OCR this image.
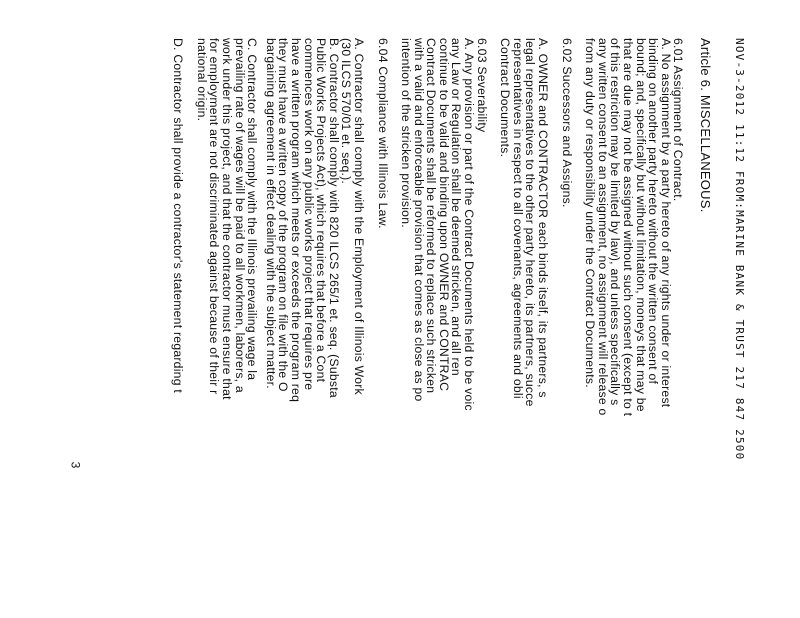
NOV-3-2012 11:12 FROM:MARINE BANK & TRUST 217 847 2500
Article 6. MISCELLANEOUS.
6.01 Assignment of Contract.
A. No assignment by a party hereto of any rights under or interest
binding on another party hereto without the written consent of
bound; and, specifically but without limitation, moneys that may be
that are due may not be assigned without such consent (except to t
of this restriction may be limited by law), and unless specifically s
any written consent to an assignment, no assignment will release o
from any duty or responsibility under the Contract Documents.
6.02 Successors and Assigns.
A. OWNER and CONTRACTOR each binds itself, its partners, s
legal representatives to the other party hereto, its partners, succe
representatives in respect to all covenants, agreements and obli
Contract Documents.
6.03 Severability
A. Any provision or part of the Contract Documents held to be voic
any Law or Regulation shall be deemed stricken, and all ren
continue to be valid and binding upon OWNER and CONTRAC
Contract Documents shall be reformed to replace such stricken
with a valid and enforceable provision that comes as close as po
intention of the stricken provision.
6.04 Compliance with Illinois Law.
A. Contractor shall comply with the Employment of Illinois Work
(30 ILCS 570/01 et. seq.).
B. Contractor shall comply with 820 ILCS 265/1 et. seq. (Substa
Public Works Projects Act), which requires that before a Cont
commences work on any public works project that requires pre
have a written program which meets or exceeds the program req
they must have a written copy of the program on file with the O
bargaining agreement in effect dealing with the subject matter.
C. Contractor shall comply with the Illinois prevailing wage la
prevailing rate of wages will be paid to all workmen, laborers, a
work under this project, and that the contractor must ensure that
for employment are not discriminated against because of their r
national origin.
D. Contractor shall provide a contractor's statement regarding t
3
